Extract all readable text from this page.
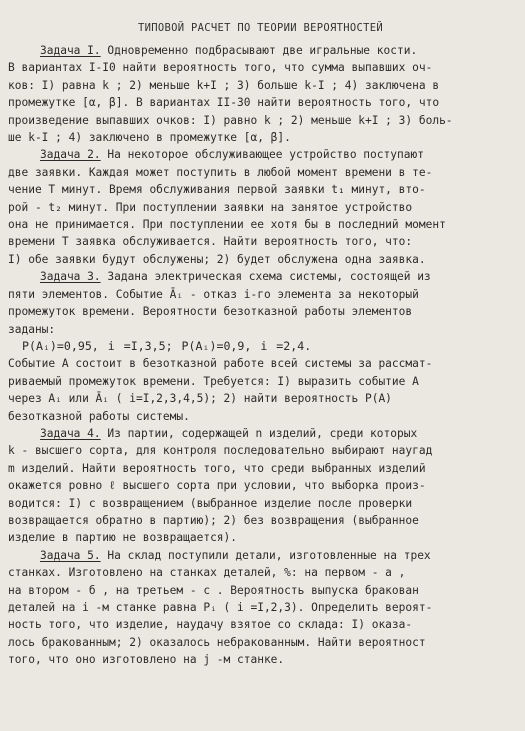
ТИПОВОЙ РАСЧЕТ ПО ТЕОРИИ ВЕРОЯТНОСТЕЙ
Задача I. Одновременно подбрасывают две игральные кости.
В вариантах I-I0 найти вероятность того, что сумма выпавших оч-
ков: I) равна k ; 2) меньше k+I ; 3) больше k-I ; 4) заключена в
промежутке [α, β]. В вариантах II-30 найти вероятность того, что
произведение выпавших очков: I) равно k ; 2) меньше k+I ; 3) боль-
ше k-I ; 4) заключено в промежутке [α, β].
Задача 2. На некоторое обслуживающее устройство поступают
две заявки. Каждая может поступить в любой момент времени в те-
чение T минут. Время обслуживания первой заявки t₁ минут, вто-
рой - t₂ минут. При поступлении заявки на занятое устройство
она не принимается. При поступлении ее хотя бы в последний момент
времени T заявка обслуживается. Найти вероятность того, что:
I) обе заявки будут обслужены; 2) будет обслужена одна заявка.
Задача 3. Задана электрическая схема системы, состоящей из
пяти элементов. Событие Āᵢ - отказ i-го элемента за некоторый
промежуток времени. Вероятности безотказной работы элементов
заданы:
P(Aᵢ)=0,95, i =I,3,5; P(Aᵢ)=0,9, i =2,4.
Событие A состоит в безотказной работе всей системы за рассмат-
риваемый промежуток времени. Требуется: I) выразить событие A
через Aᵢ или Āᵢ ( i=I,2,3,4,5); 2) найти вероятность P(A)
безотказной работы системы.
Задача 4. Из партии, содержащей n изделий, среди которых
k - высшего сорта, для контроля последовательно выбирают наугад
m изделий. Найти вероятность того, что среди выбранных изделий
окажется ровно ℓ высшего сорта при условии, что выборка произ-
водится: I) с возвращением (выбранное изделие после проверки
возвращается обратно в партию); 2) без возвращения (выбранное
изделие в партию не возвращается).
Задача 5. На склад поступили детали, изготовленные на трех
станках. Изготовлено на станках деталей, %: на первом - a ,
на втором - б , на третьем - c . Вероятность выпуска бракован
деталей на i -м станке равна Pᵢ ( i =I,2,3). Определить вероят-
ность того, что изделие, наудачу взятое со склада: I) оказа-
лось бракованным; 2) оказалось небракованным. Найти вероятност
того, что оно изготовлено на j -м станке.
